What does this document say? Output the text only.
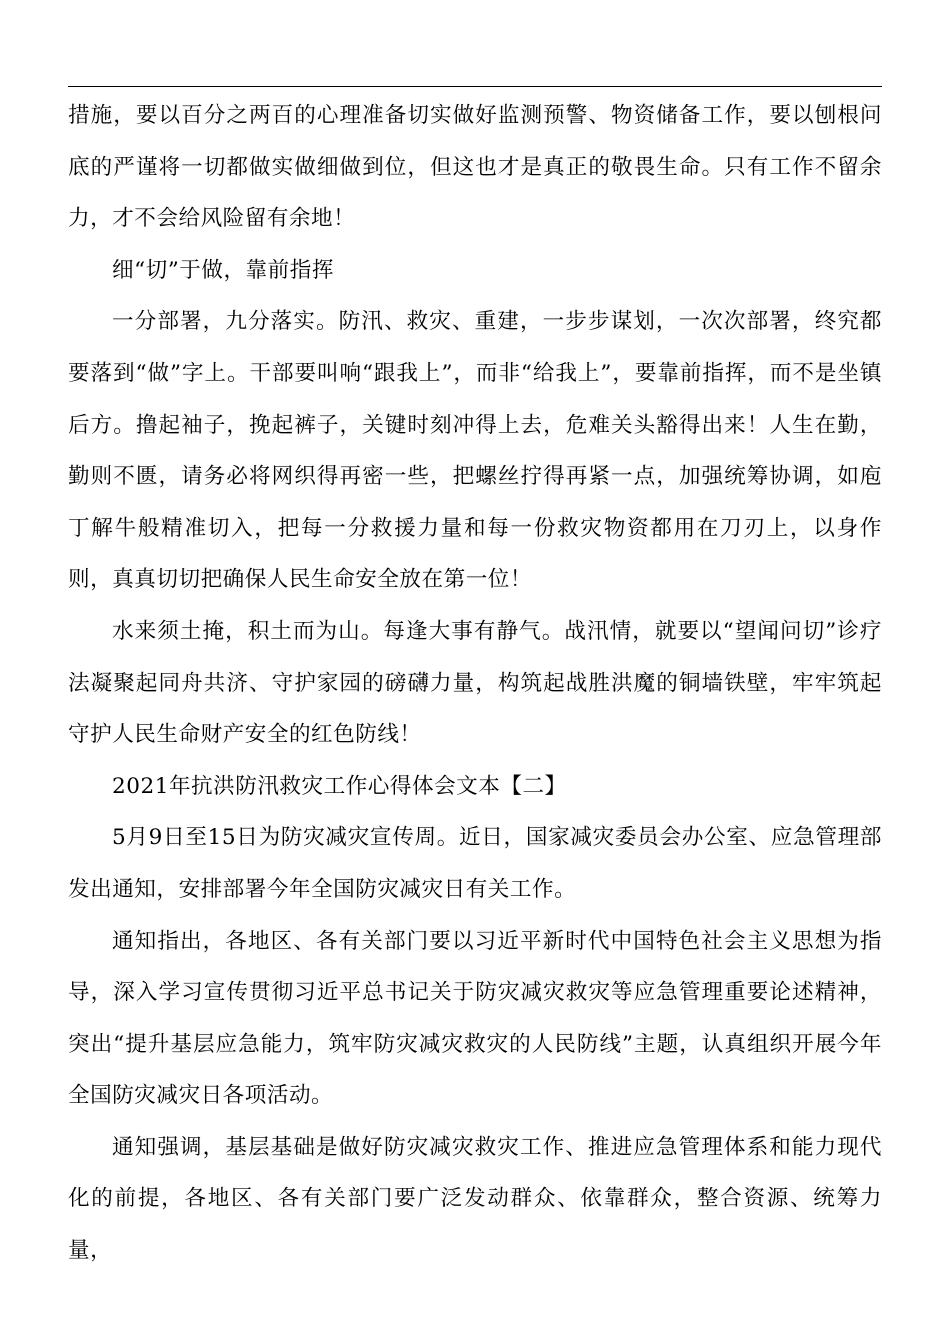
措施，要以百分之两百的心理准备切实做好监测预警、物资储备工作，要以刨根问底的严谨将一切都做实做细做到位，但这也才是真正的敬畏生命。只有工作不留余力，才不会给风险留有余地！

细“切”于做，靠前指挥

一分部署，九分落实。防汛、救灾、重建，一步步谋划，一次次部署，终究都要落到“做”字上。干部要叫响“跟我上”，而非“给我上”，要靠前指挥，而不是坐镇后方。撸起袖子，挽起裤子，关键时刻冲得上去，危难关头豁得出来！人生在勤，勤则不匮，请务必将网织得再密一些，把螺丝拧得再紧一点，加强统筹协调，如庖丁解牛般精准切入，把每一分救援力量和每一份救灾物资都用在刀刃上，以身作则，真真切切把确保人民生命安全放在第一位！

水来须土掩，积土而为山。每逢大事有静气。战汛情，就要以“望闻问切”诊疗法凝聚起同舟共济、守护家园的磅礴力量，构筑起战胜洪魔的铜墙铁壁，牢牢筑起守护人民生命财产安全的红色防线！

2021年抗洪防汛救灾工作心得体会文本【二】

5月9日至15日为防灾减灾宣传周。近日，国家减灾委员会办公室、应急管理部发出通知，安排部署今年全国防灾减灾日有关工作。

通知指出，各地区、各有关部门要以习近平新时代中国特色社会主义思想为指导，深入学习宣传贯彻习近平总书记关于防灾减灾救灾等应急管理重要论述精神，突出“提升基层应急能力，筑牢防灾减灾救灾的人民防线”主题，认真组织开展今年全国防灾减灾日各项活动。

通知强调，基层基础是做好防灾减灾救灾工作、推进应急管理体系和能力现代化的前提，各地区、各有关部门要广泛发动群众、依靠群众，整合资源、统筹力量，
